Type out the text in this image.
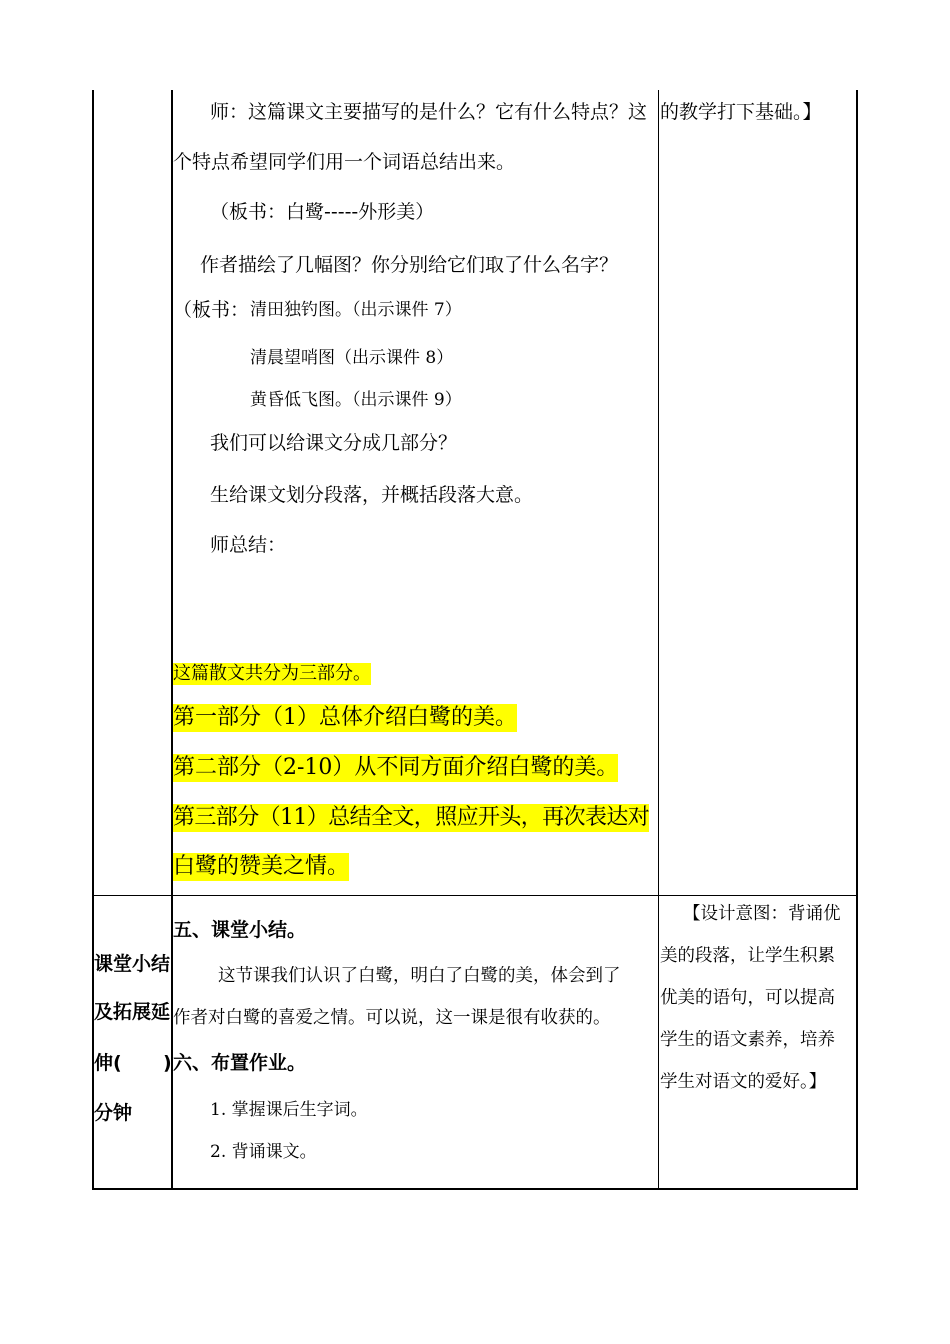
师：这篇课文主要描写的是什么？它有什么特点？这 的教学打下基础。】
个特点希望同学们用一个词语总结出来。
（板书：白鹭-----外形美）
作者描绘了几幅图？你分别给它们取了什么名字？
（板书： 清田独钓图。（出示课件 7）
清晨望哨图（出示课件 8）
黄昏低飞图。（出示课件 9）
我们可以给课文分成几部分？
生给课文划分段落，并概括段落大意。
师总结：
这篇散文共分为三部分。
第一部分（1）总体介绍白鹭的美。
第二部分（2-10）从不同方面介绍白鹭的美。
第三部分（11）总结全文，照应开头，再次表达对
白鹭的赞美之情。
课堂小结
及拓展延
伸( )
分钟
五、课堂小结。
这节课我们认识了白鹭，明白了白鹭的美，体会到了
作者对白鹭的喜爱之情。可以说，这一课是很有收获的。
六、布置作业。
1. 掌握课后生字词。
2. 背诵课文。
【设计意图：背诵优
美的段落，让学生积累
优美的语句，可以提高
学生的语文素养，培养
学生对语文的爱好。】
